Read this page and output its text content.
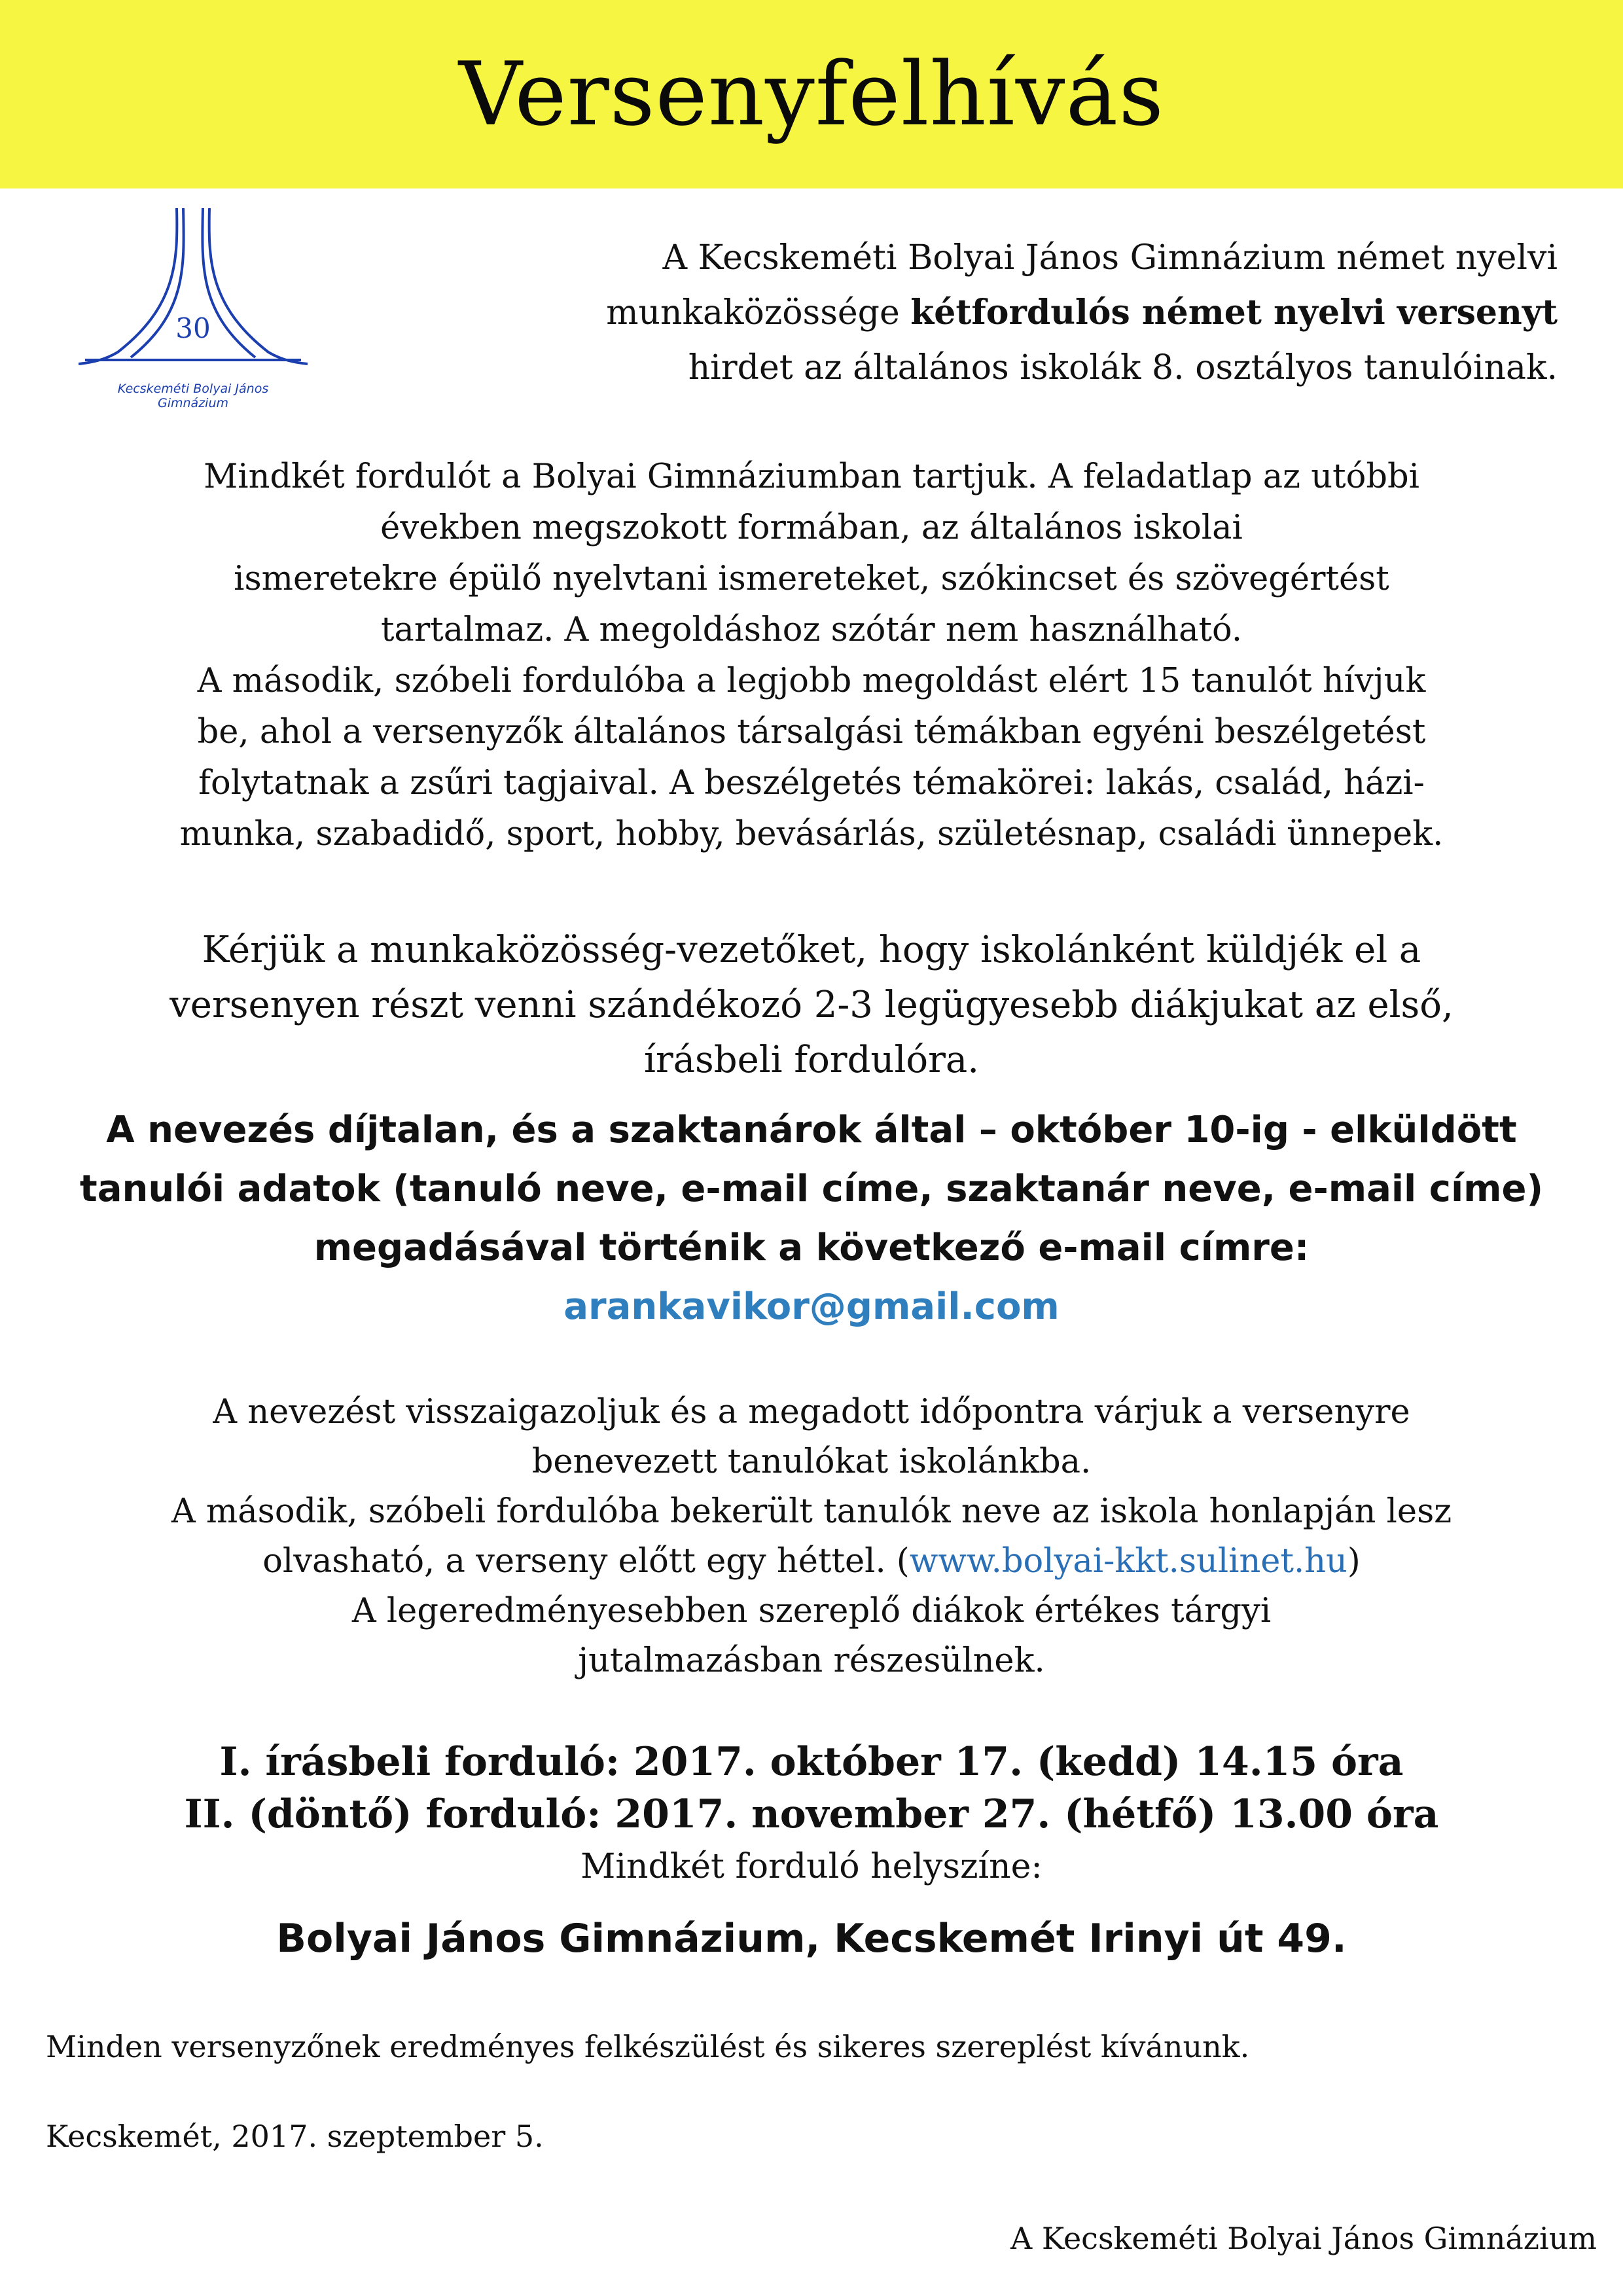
Versenyfelhívás
30
Kecskeméti Bolyai János
Gimnázium
A Kecskeméti Bolyai János Gimnázium német nyelvi
munkaközössége kétfordulós német nyelvi versenyt
hirdet az általános iskolák 8. osztályos tanulóinak.
Mindkét fordulót a Bolyai Gimnáziumban tartjuk. A feladatlap az utóbbi
években megszokott formában, az általános iskolai
ismeretekre épülő nyelvtani ismereteket, szókincset és szövegértést
tartalmaz. A megoldáshoz szótár nem használható.
A második, szóbeli fordulóba a legjobb megoldást elért 15 tanulót hívjuk
be, ahol a versenyzők általános társalgási témákban egyéni beszélgetést
folytatnak a zsűri tagjaival. A beszélgetés témakörei: lakás, család, házi-
munka, szabadidő, sport, hobby, bevásárlás, születésnap, családi ünnepek.
Kérjük a munkaközösség-vezetőket, hogy iskolánként küldjék el a
versenyen részt venni szándékozó 2-3 legügyesebb diákjukat az első,
írásbeli fordulóra.
A nevezés díjtalan, és a szaktanárok által – október 10-ig - elküldött
tanulói adatok (tanuló neve, e-mail címe, szaktanár neve, e-mail címe)
megadásával történik a következő e-mail címre:
arankavikor@gmail.com
A nevezést visszaigazoljuk és a megadott időpontra várjuk a versenyre
benevezett tanulókat iskolánkba.
A második, szóbeli fordulóba bekerült tanulók neve az iskola honlapján lesz
olvasható, a verseny előtt egy héttel. (www.bolyai-kkt.sulinet.hu)
A legeredményesebben szereplő diákok értékes tárgyi
jutalmazásban részesülnek.
I. írásbeli forduló: 2017. október 17. (kedd) 14.15 óra
II. (döntő) forduló: 2017. november 27. (hétfő) 13.00 óra
Mindkét forduló helyszíne:
Bolyai János Gimnázium, Kecskemét Irinyi út 49.
Minden versenyzőnek eredményes felkészülést és sikeres szereplést kívánunk.
Kecskemét, 2017. szeptember 5.
A Kecskeméti Bolyai János Gimnázium
